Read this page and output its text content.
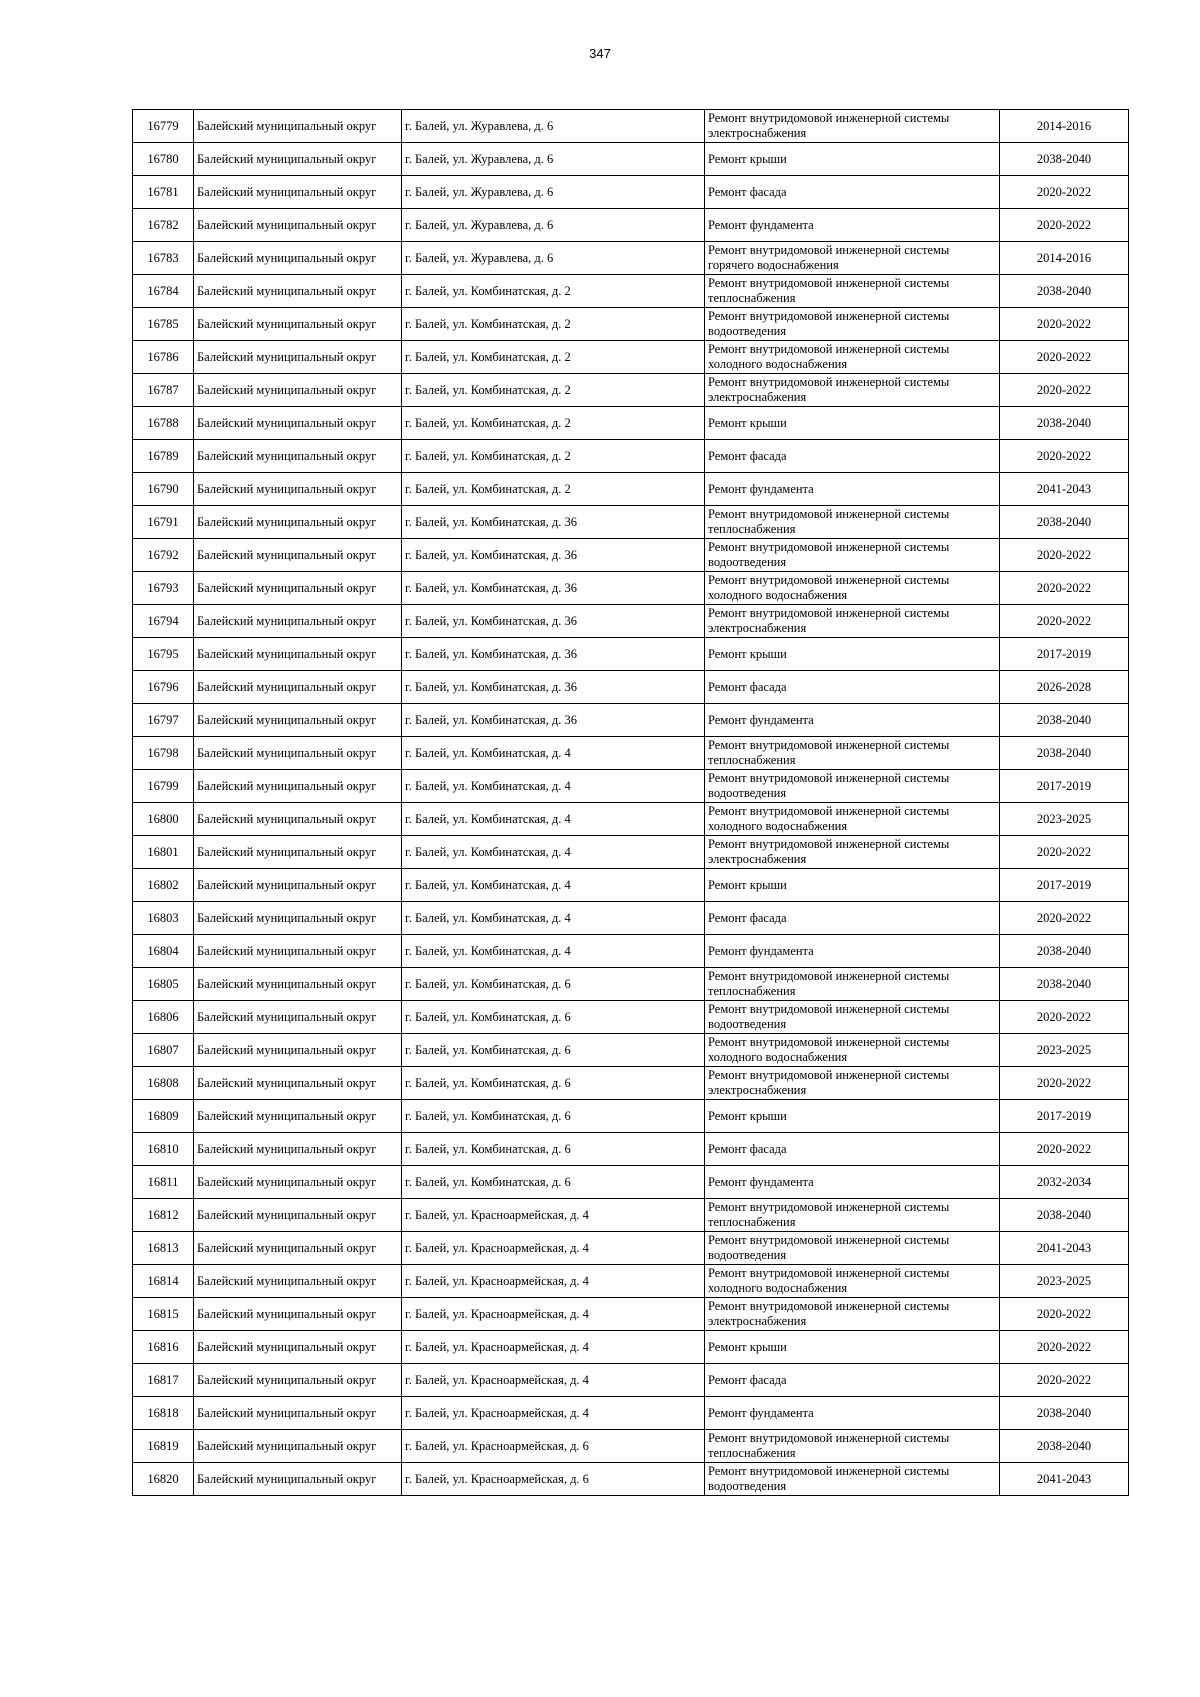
347
16779	Балейский муниципальный округ	г. Балей, ул. Журавлева, д. 6	Ремонт внутридомовой инженерной системы электроснабжения	2014-2016
16780	Балейский муниципальный округ	г. Балей, ул. Журавлева, д. 6	Ремонт крыши	2038-2040
16781	Балейский муниципальный округ	г. Балей, ул. Журавлева, д. 6	Ремонт фасада	2020-2022
16782	Балейский муниципальный округ	г. Балей, ул. Журавлева, д. 6	Ремонт фундамента	2020-2022
16783	Балейский муниципальный округ	г. Балей, ул. Журавлева, д. 6	Ремонт внутридомовой инженерной системы горячего водоснабжения	2014-2016
16784	Балейский муниципальный округ	г. Балей, ул. Комбинатская, д. 2	Ремонт внутридомовой инженерной системы теплоснабжения	2038-2040
16785	Балейский муниципальный округ	г. Балей, ул. Комбинатская, д. 2	Ремонт внутридомовой инженерной системы водоотведения	2020-2022
16786	Балейский муниципальный округ	г. Балей, ул. Комбинатская, д. 2	Ремонт внутридомовой инженерной системы холодного водоснабжения	2020-2022
16787	Балейский муниципальный округ	г. Балей, ул. Комбинатская, д. 2	Ремонт внутридомовой инженерной системы электроснабжения	2020-2022
16788	Балейский муниципальный округ	г. Балей, ул. Комбинатская, д. 2	Ремонт крыши	2038-2040
16789	Балейский муниципальный округ	г. Балей, ул. Комбинатская, д. 2	Ремонт фасада	2020-2022
16790	Балейский муниципальный округ	г. Балей, ул. Комбинатская, д. 2	Ремонт фундамента	2041-2043
16791	Балейский муниципальный округ	г. Балей, ул. Комбинатская, д. 36	Ремонт внутридомовой инженерной системы теплоснабжения	2038-2040
16792	Балейский муниципальный округ	г. Балей, ул. Комбинатская, д. 36	Ремонт внутридомовой инженерной системы водоотведения	2020-2022
16793	Балейский муниципальный округ	г. Балей, ул. Комбинатская, д. 36	Ремонт внутридомовой инженерной системы холодного водоснабжения	2020-2022
16794	Балейский муниципальный округ	г. Балей, ул. Комбинатская, д. 36	Ремонт внутридомовой инженерной системы электроснабжения	2020-2022
16795	Балейский муниципальный округ	г. Балей, ул. Комбинатская, д. 36	Ремонт крыши	2017-2019
16796	Балейский муниципальный округ	г. Балей, ул. Комбинатская, д. 36	Ремонт фасада	2026-2028
16797	Балейский муниципальный округ	г. Балей, ул. Комбинатская, д. 36	Ремонт фундамента	2038-2040
16798	Балейский муниципальный округ	г. Балей, ул. Комбинатская, д. 4	Ремонт внутридомовой инженерной системы теплоснабжения	2038-2040
16799	Балейский муниципальный округ	г. Балей, ул. Комбинатская, д. 4	Ремонт внутридомовой инженерной системы водоотведения	2017-2019
16800	Балейский муниципальный округ	г. Балей, ул. Комбинатская, д. 4	Ремонт внутридомовой инженерной системы холодного водоснабжения	2023-2025
16801	Балейский муниципальный округ	г. Балей, ул. Комбинатская, д. 4	Ремонт внутридомовой инженерной системы электроснабжения	2020-2022
16802	Балейский муниципальный округ	г. Балей, ул. Комбинатская, д. 4	Ремонт крыши	2017-2019
16803	Балейский муниципальный округ	г. Балей, ул. Комбинатская, д. 4	Ремонт фасада	2020-2022
16804	Балейский муниципальный округ	г. Балей, ул. Комбинатская, д. 4	Ремонт фундамента	2038-2040
16805	Балейский муниципальный округ	г. Балей, ул. Комбинатская, д. 6	Ремонт внутридомовой инженерной системы теплоснабжения	2038-2040
16806	Балейский муниципальный округ	г. Балей, ул. Комбинатская, д. 6	Ремонт внутридомовой инженерной системы водоотведения	2020-2022
16807	Балейский муниципальный округ	г. Балей, ул. Комбинатская, д. 6	Ремонт внутридомовой инженерной системы холодного водоснабжения	2023-2025
16808	Балейский муниципальный округ	г. Балей, ул. Комбинатская, д. 6	Ремонт внутридомовой инженерной системы электроснабжения	2020-2022
16809	Балейский муниципальный округ	г. Балей, ул. Комбинатская, д. 6	Ремонт крыши	2017-2019
16810	Балейский муниципальный округ	г. Балей, ул. Комбинатская, д. 6	Ремонт фасада	2020-2022
16811	Балейский муниципальный округ	г. Балей, ул. Комбинатская, д. 6	Ремонт фундамента	2032-2034
16812	Балейский муниципальный округ	г. Балей, ул. Красноармейская, д. 4	Ремонт внутридомовой инженерной системы теплоснабжения	2038-2040
16813	Балейский муниципальный округ	г. Балей, ул. Красноармейская, д. 4	Ремонт внутридомовой инженерной системы водоотведения	2041-2043
16814	Балейский муниципальный округ	г. Балей, ул. Красноармейская, д. 4	Ремонт внутридомовой инженерной системы холодного водоснабжения	2023-2025
16815	Балейский муниципальный округ	г. Балей, ул. Красноармейская, д. 4	Ремонт внутридомовой инженерной системы электроснабжения	2020-2022
16816	Балейский муниципальный округ	г. Балей, ул. Красноармейская, д. 4	Ремонт крыши	2020-2022
16817	Балейский муниципальный округ	г. Балей, ул. Красноармейская, д. 4	Ремонт фасада	2020-2022
16818	Балейский муниципальный округ	г. Балей, ул. Красноармейская, д. 4	Ремонт фундамента	2038-2040
16819	Балейский муниципальный округ	г. Балей, ул. Красноармейская, д. 6	Ремонт внутридомовой инженерной системы теплоснабжения	2038-2040
16820	Балейский муниципальный округ	г. Балей, ул. Красноармейская, д. 6	Ремонт внутридомовой инженерной системы водоотведения	2041-2043
